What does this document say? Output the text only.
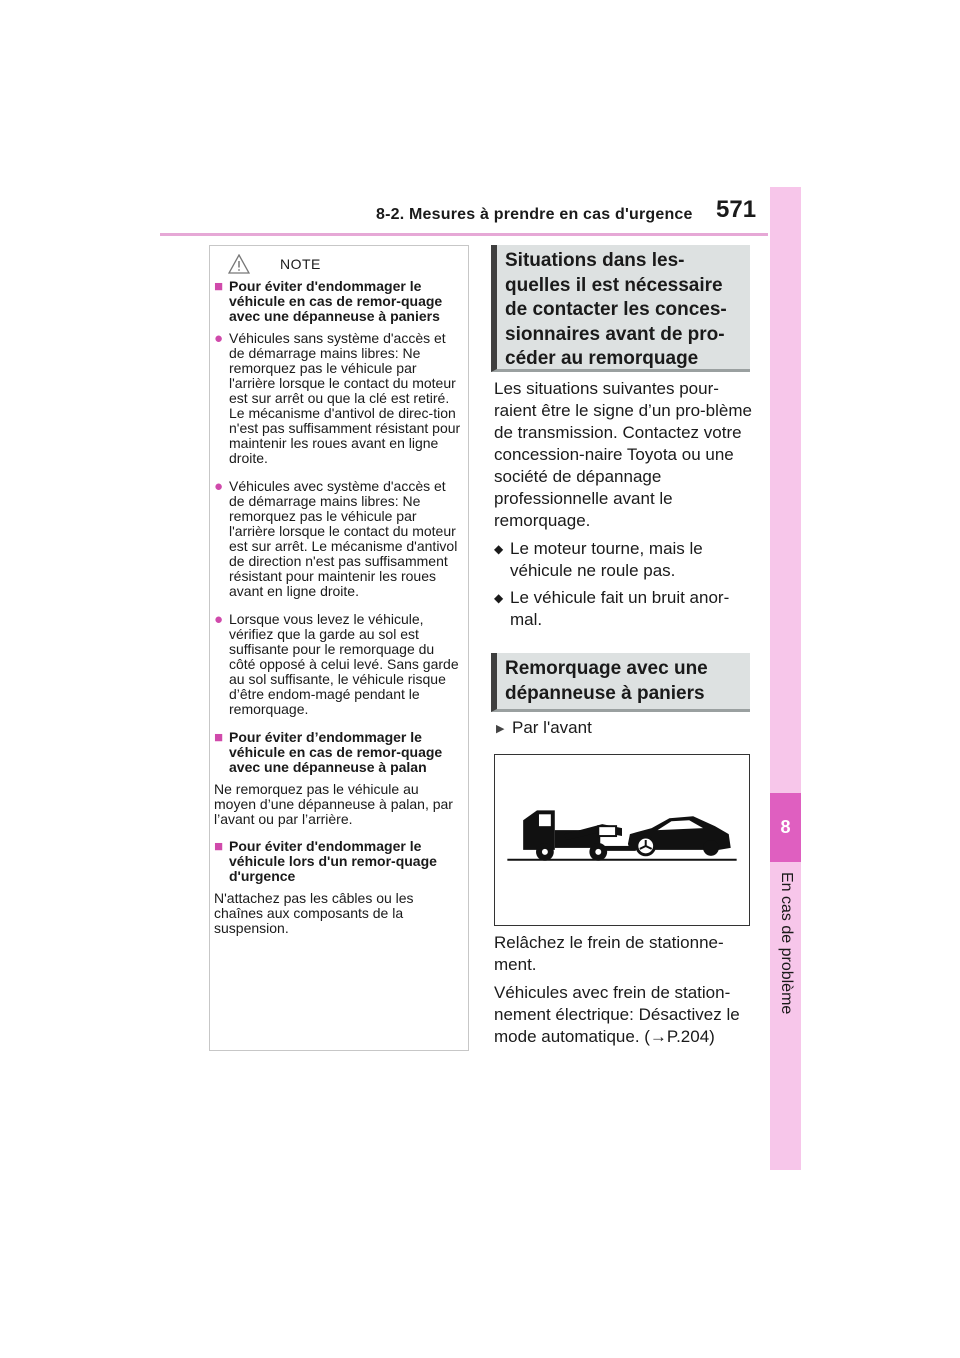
8-2. Mesures à prendre en cas d'urgence 571
8
En cas de problème
NOTE
■ Pour éviter d'endommager le véhicule en cas de remor-quage avec une dépanneuse à paniers
● Véhicules sans système d'accès et de démarrage mains libres: Ne remorquez pas le véhicule par l'arrière lorsque le contact du moteur est sur arrêt ou que la clé est retiré. Le mécanisme d'antivol de direc-tion n'est pas suffisamment résistant pour maintenir les roues avant en ligne droite.
● Véhicules avec système d'accès et de démarrage mains libres: Ne remorquez pas le véhicule par l'arrière lorsque le contact du moteur est sur arrêt. Le mécanisme d'antivol de direction n'est pas suffisamment résistant pour maintenir les roues avant en ligne droite.
● Lorsque vous levez le véhicule, vérifiez que la garde au sol est suffisante pour le remorquage du côté opposé à celui levé. Sans garde au sol suffisante, le véhicule risque d’être endom-magé pendant le remorquage.
■ Pour éviter d’endommager le véhicule en cas de remor-quage avec une dépanneuse à palan
Ne remorquez pas le véhicule au moyen d’une dépanneuse à palan, par l’avant ou par l’arrière.
■ Pour éviter d'endommager le véhicule lors d'un remor-quage d'urgence
N'attachez pas les câbles ou les chaînes aux composants de la suspension.
Situations dans les-quelles il est nécessaire de contacter les conces-sionnaires avant de pro-céder au remorquage
Les situations suivantes pour-raient être le signe d’un pro-blème de transmission. Contactez votre concession-naire Toyota ou une société de dépannage professionnelle avant le remorquage.
◆ Le moteur tourne, mais le véhicule ne roule pas.
◆ Le véhicule fait un bruit anor-mal.
Remorquage avec une dépanneuse à paniers
▶ Par l'avant
Relâchez le frein de stationne-ment.
Véhicules avec frein de station-nement électrique: Désactivez le mode automatique. (→P.204)
